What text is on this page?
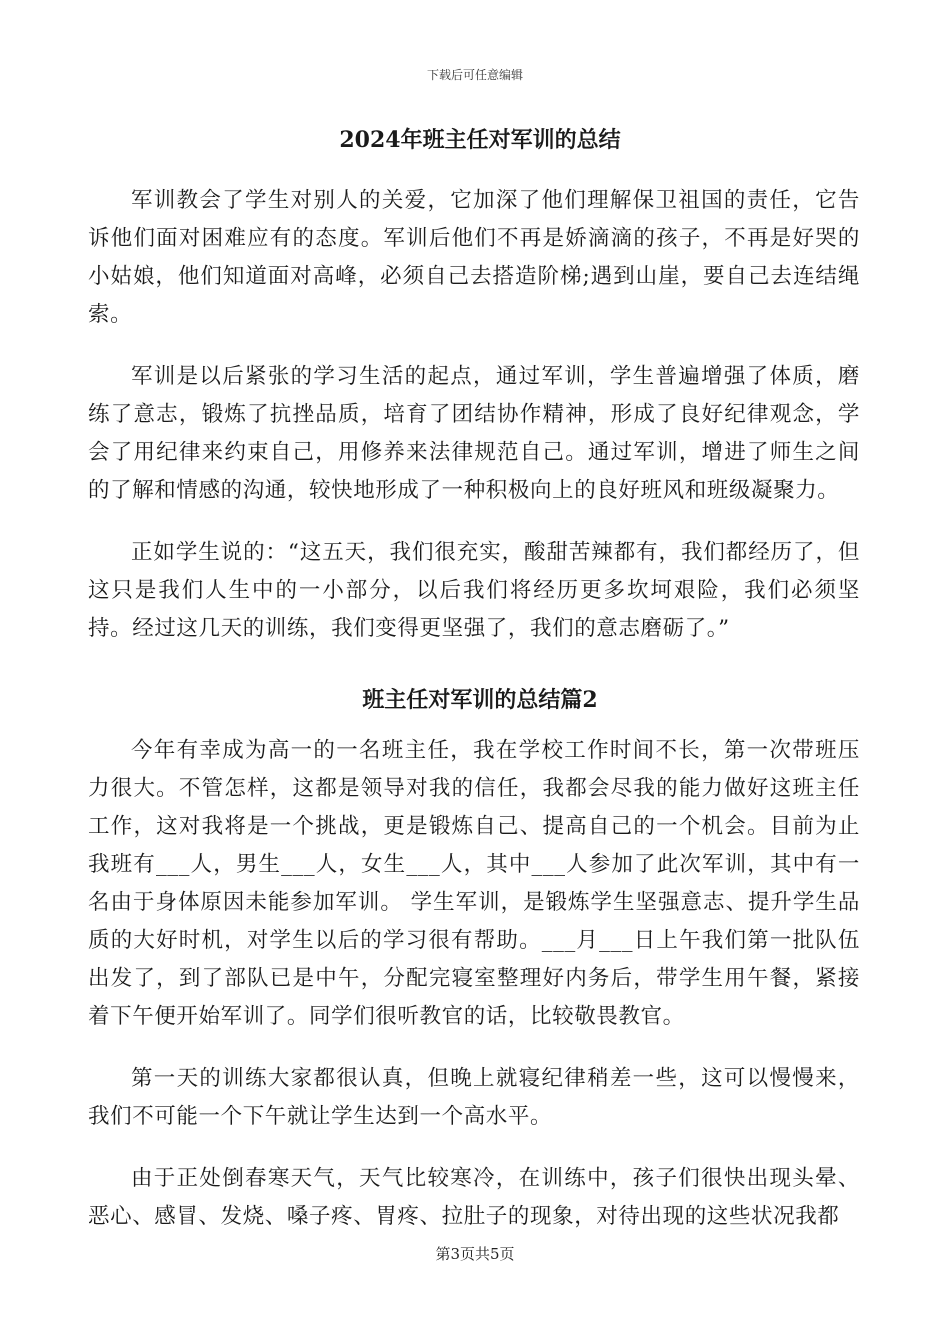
下载后可任意编辑
2024年班主任对军训的总结

军训教会了学生对别人的关爱，它加深了他们理解保卫祖国的责任，它告诉他们面对困难应有的态度。军训后他们不再是娇滴滴的孩子，不再是好哭的小姑娘，他们知道面对高峰，必须自己去搭造阶梯;遇到山崖，要自己去连结绳索。

军训是以后紧张的学习生活的起点，通过军训，学生普遍增强了体质，磨练了意志，锻炼了抗挫品质，培育了团结协作精神，形成了良好纪律观念，学会了用纪律来约束自己，用修养来法律规范自己。通过军训，增进了师生之间的了解和情感的沟通，较快地形成了一种积极向上的良好班风和班级凝聚力。

正如学生说的：“这五天，我们很充实，酸甜苦辣都有，我们都经历了，但这只是我们人生中的一小部分，以后我们将经历更多坎坷艰险，我们必须坚持。经过这几天的训练，我们变得更坚强了，我们的意志磨砺了。”

班主任对军训的总结篇2

今年有幸成为高一的一名班主任，我在学校工作时间不长，第一次带班压力很大。不管怎样，这都是领导对我的信任，我都会尽我的能力做好这班主任工作，这对我将是一个挑战，更是锻炼自己、提高自己的一个机会。目前为止我班有___人，男生___人，女生___人，其中___人参加了此次军训，其中有一名由于身体原因未能参加军训。 学生军训，是锻炼学生坚强意志、提升学生品质的大好时机，对学生以后的学习很有帮助。___月___日上午我们第一批队伍出发了，到了部队已是中午，分配完寝室整理好内务后，带学生用午餐，紧接着下午便开始军训了。同学们很听教官的话，比较敬畏教官。

第一天的训练大家都很认真，但晚上就寝纪律稍差一些，这可以慢慢来，我们不可能一个下午就让学生达到一个高水平。

由于正处倒春寒天气，天气比较寒冷，在训练中，孩子们很快出现头晕、恶心、感冒、发烧、嗓子疼、胃疼、拉肚子的现象，对待出现的这些状况我都

第3页共5页
